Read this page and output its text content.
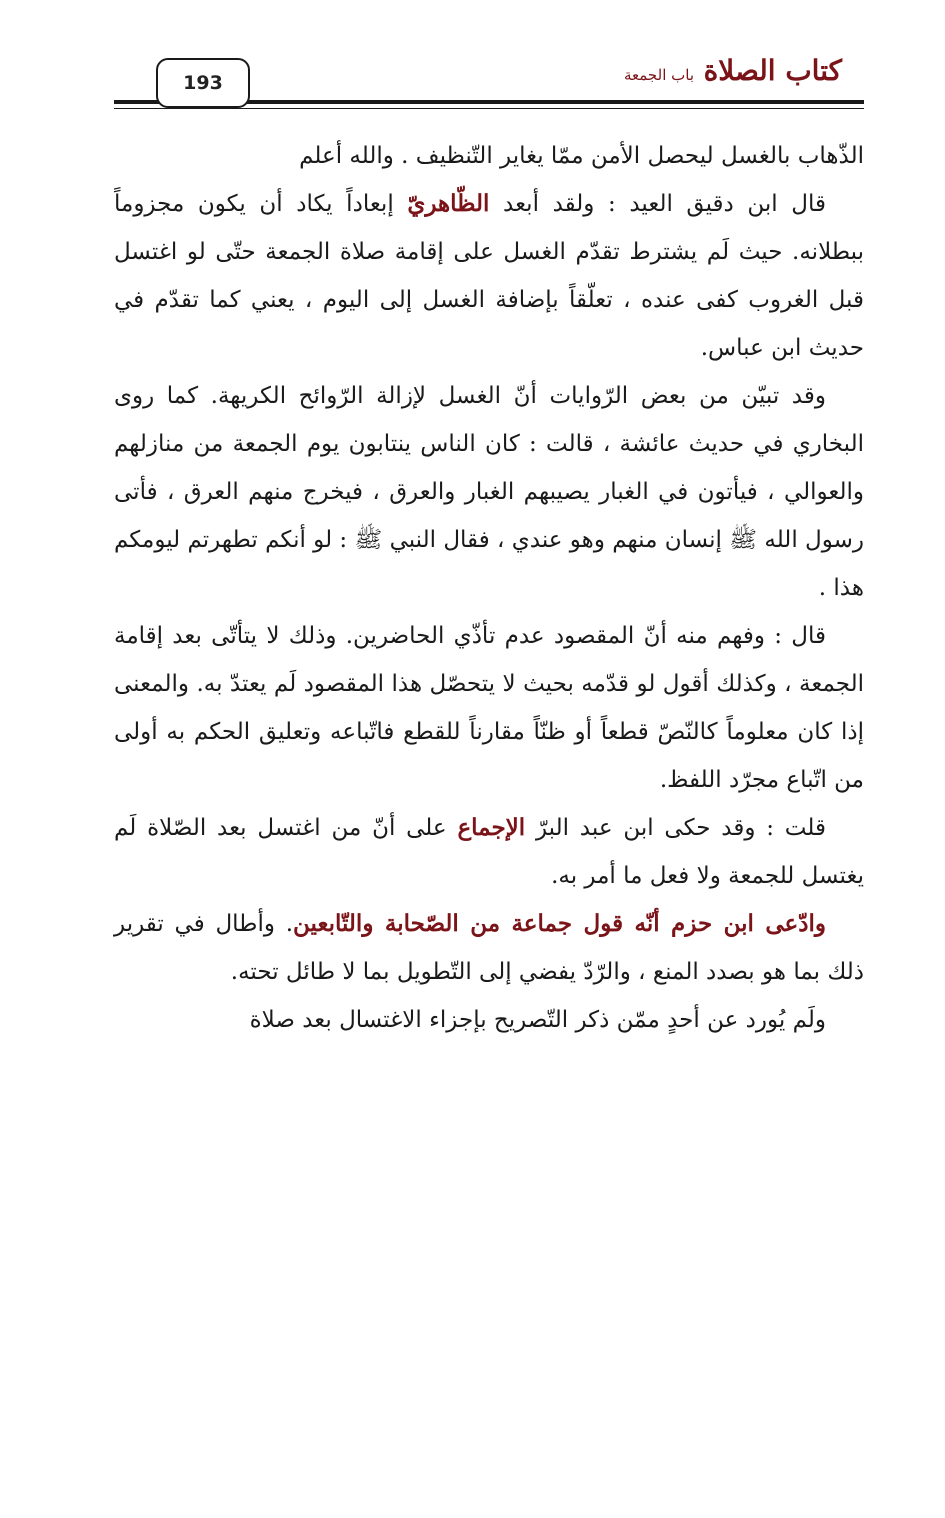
كتاب الصلاة
باب الجمعة
193

الذّهاب بالغسل ليحصل الأمن ممّا يغاير التّنظيف . والله أعلم

قال ابن دقيق العيد : ولقد أبعد الظّاهريّ إبعاداً يكاد أن يكون مجزوماً ببطلانه. حيث لَم يشترط تقدّم الغسل على إقامة صلاة الجمعة حتّى لو اغتسل قبل الغروب كفى عنده ، تعلّقاً بإضافة الغسل إلى اليوم ، يعني كما تقدّم في حديث ابن عباس.

وقد تبيّن من بعض الرّوايات أنّ الغسل لإزالة الرّوائح الكريهة. كما روى البخاري في حديث عائشة ، قالت : كان الناس ينتابون يوم الجمعة من منازلهم والعوالي ، فيأتون في الغبار يصيبهم الغبار والعرق ، فيخرج منهم العرق ، فأتى رسول الله ﷺ إنسان منهم وهو عندي ، فقال النبي ﷺ : لو أنكم تطهرتم ليومكم هذا .

قال : وفهم منه أنّ المقصود عدم تأذّي الحاضرين. وذلك لا يتأتّى بعد إقامة الجمعة ، وكذلك أقول لو قدّمه بحيث لا يتحصّل هذا المقصود لَم يعتدّ به. والمعنى إذا كان معلوماً كالنّصّ قطعاً أو ظنّاً مقارناً للقطع فاتّباعه وتعليق الحكم به أولى من اتّباع مجرّد اللفظ.

قلت : وقد حكى ابن عبد البرّ الإجماع على أنّ من اغتسل بعد الصّلاة لَم يغتسل للجمعة ولا فعل ما أمر به.

وادّعى ابن حزم أنّه قول جماعة من الصّحابة والتّابعين. وأطال في تقرير ذلك بما هو بصدد المنع ، والرّدّ يفضي إلى التّطويل بما لا طائل تحته.

ولَم يُورد عن أحدٍ ممّن ذكر التّصريح بإجزاء الاغتسال بعد صلاة
